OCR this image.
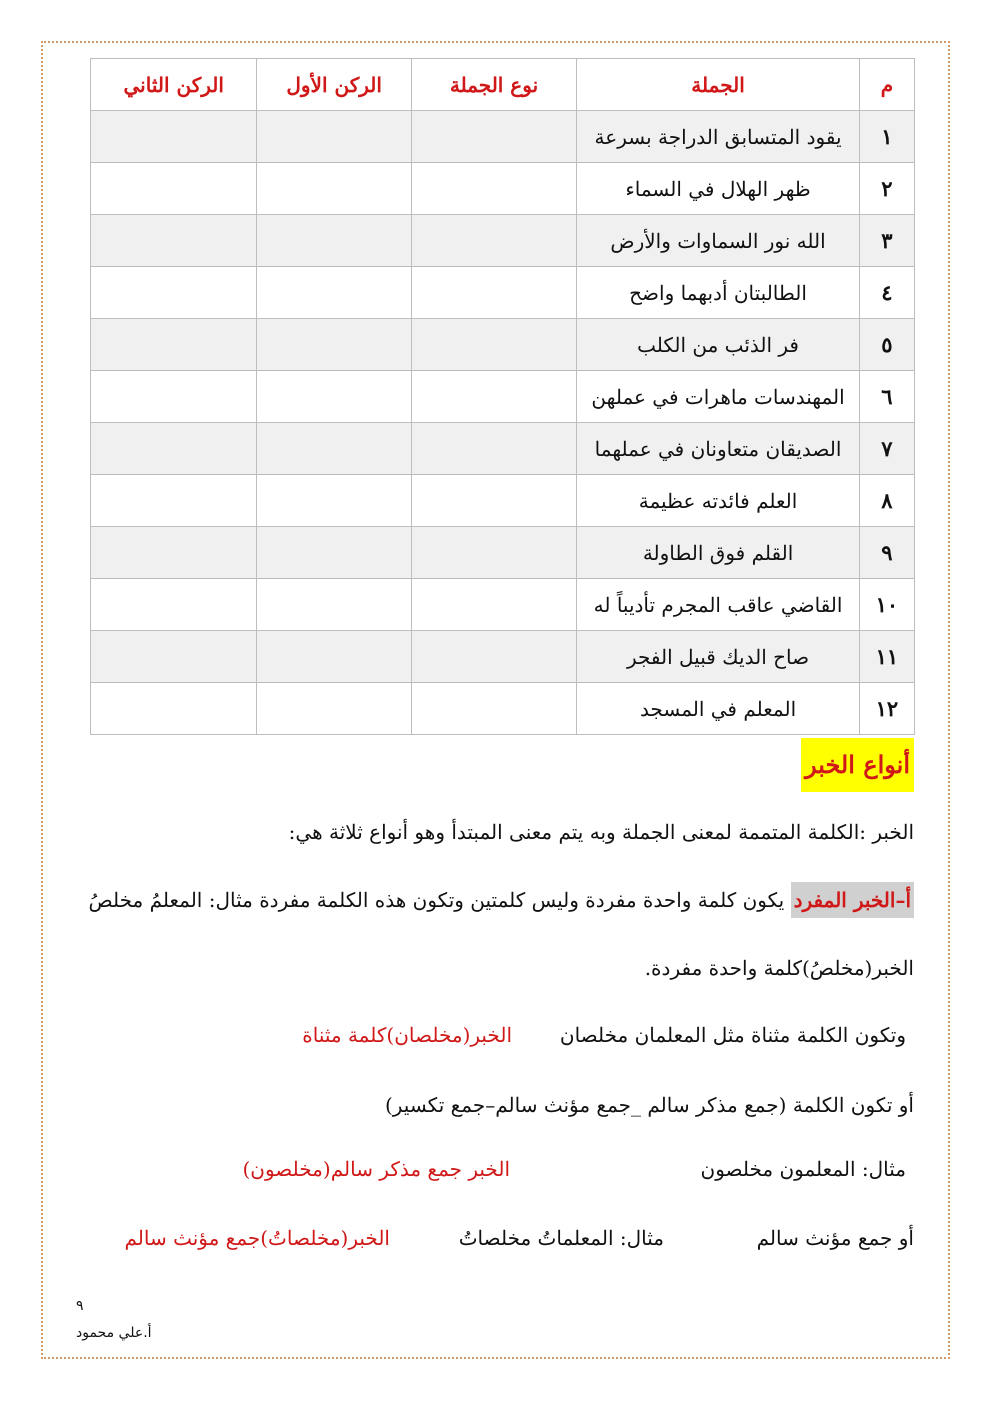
م	الجملة	نوع الجملة	الركن الأول	الركن الثاني
١	يقود المتسابق الدراجة بسرعة			
٢	ظهر الهلال في السماء			
٣	الله نور السماوات والأرض			
٤	الطالبتان أدبهما واضح			
٥	فر الذئب من الكلب			
٦	المهندسات ماهرات في عملهن			
٧	الصديقان متعاونان في عملهما			
٨	العلم فائدته عظيمة			
٩	القلم فوق الطاولة			
١٠	القاضي عاقب المجرم تأديباً له			
١١	صاح الديك قبيل الفجر			
١٢	المعلم في المسجد			
أنواع الخبر
الخبر :الكلمة المتممة لمعنى الجملة وبه يتم معنى المبتدأ وهو أنواع ثلاثة هي:
أ–الخبر المفرد يكون كلمة واحدة مفردة وليس كلمتين وتكون هذه الكلمة مفردة مثال: المعلمُ مخلصُ
الخبر(مخلصُ)كلمة واحدة مفردة.
وتكون الكلمة مثناة مثل المعلمان مخلصان
الخبر(مخلصان)كلمة مثناة
أو تكون الكلمة (جمع مذكر سالم _جمع مؤنث سالم–جمع تكسير)
مثال: المعلمون مخلصون
الخبر جمع مذكر سالم(مخلصون)
أو جمع مؤنث سالم
مثال: المعلماتُ مخلصاتُ
الخبر(مخلصاتُ)جمع مؤنث سالم
٩
أ.علي محمود
